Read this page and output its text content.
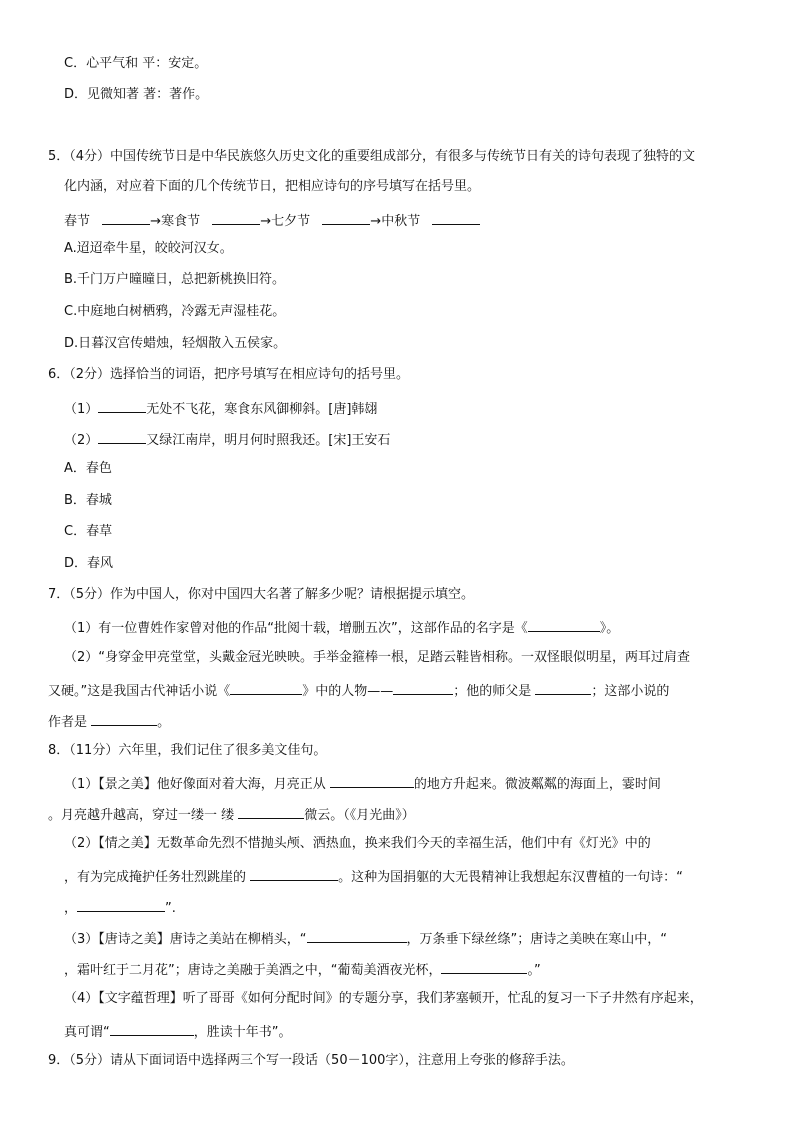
C．心平气和 平：安定。
D．见微知著 著：著作。
5．（4分）中国传统节日是中华民族悠久历史文化的重要组成部分，有很多与传统节日有关的诗句表现了独特的文
化内涵，对应着下面的几个传统节日，把相应诗句的序号填写在括号里。
春节	→寒食节	→七夕节	→中秋节
A.迢迢牵牛星，皎皎河汉女。
B.千门万户曈曈日，总把新桃换旧符。
C.中庭地白树栖鸦，冷露无声湿桂花。
D.日暮汉宫传蜡烛，轻烟散入五侯家。
6．（2分）选择恰当的词语，把序号填写在相应诗句的括号里。
（1）	无处不飞花，寒食东风御柳斜。[唐]韩翃
（2）	又绿江南岸，明月何时照我还。[宋]王安石
A．春色
B．春城
C．春草
D．春风
7．（5分）作为中国人，你对中国四大名著了解多少呢？请根据提示填空。
（1）有一位曹姓作家曾对他的作品“批阅十载，增删五次”，这部作品的名字是《	》。
（2）“身穿金甲亮堂堂，头戴金冠光映映。手举金箍棒一根，足踏云鞋皆相称。一双怪眼似明星，两耳过肩查
又硬。”这是我国古代神话小说《	》中的人物——	；他的师父是	；这部小说的
作者是	。
8．（11分）六年里，我们记住了很多美文佳句。
（1）【景之美】他好像面对着大海，月亮正从	的地方升起来。微波粼粼的海面上，霎时间
。月亮越升越高，穿过一缕一 缕	微云。（《月光曲》）
（2）【情之美】无数革命先烈不惜抛头颅、洒热血，换来我们今天的幸福生活，他们中有《灯光》中的
，有为完成掩护任务壮烈跳崖的	。这种为国捐躯的大无畏精神让我想起东汉曹植的一句诗：“
，	”.
（3）【唐诗之美】唐诗之美站在柳梢头，“	，万条垂下绿丝绦”；唐诗之美映在寒山中，“
，霜叶红于二月花”；唐诗之美融于美酒之中，“葡萄美酒夜光杯，	。”
（4）【文字蕴哲理】听了哥哥《如何分配时间》的专题分享，我们茅塞顿开，忙乱的复习一下子井然有序起来，
真可谓“	，胜读十年书”。
9．（5分）请从下面词语中选择两三个写一段话（50－100字），注意用上夸张的修辞手法。
